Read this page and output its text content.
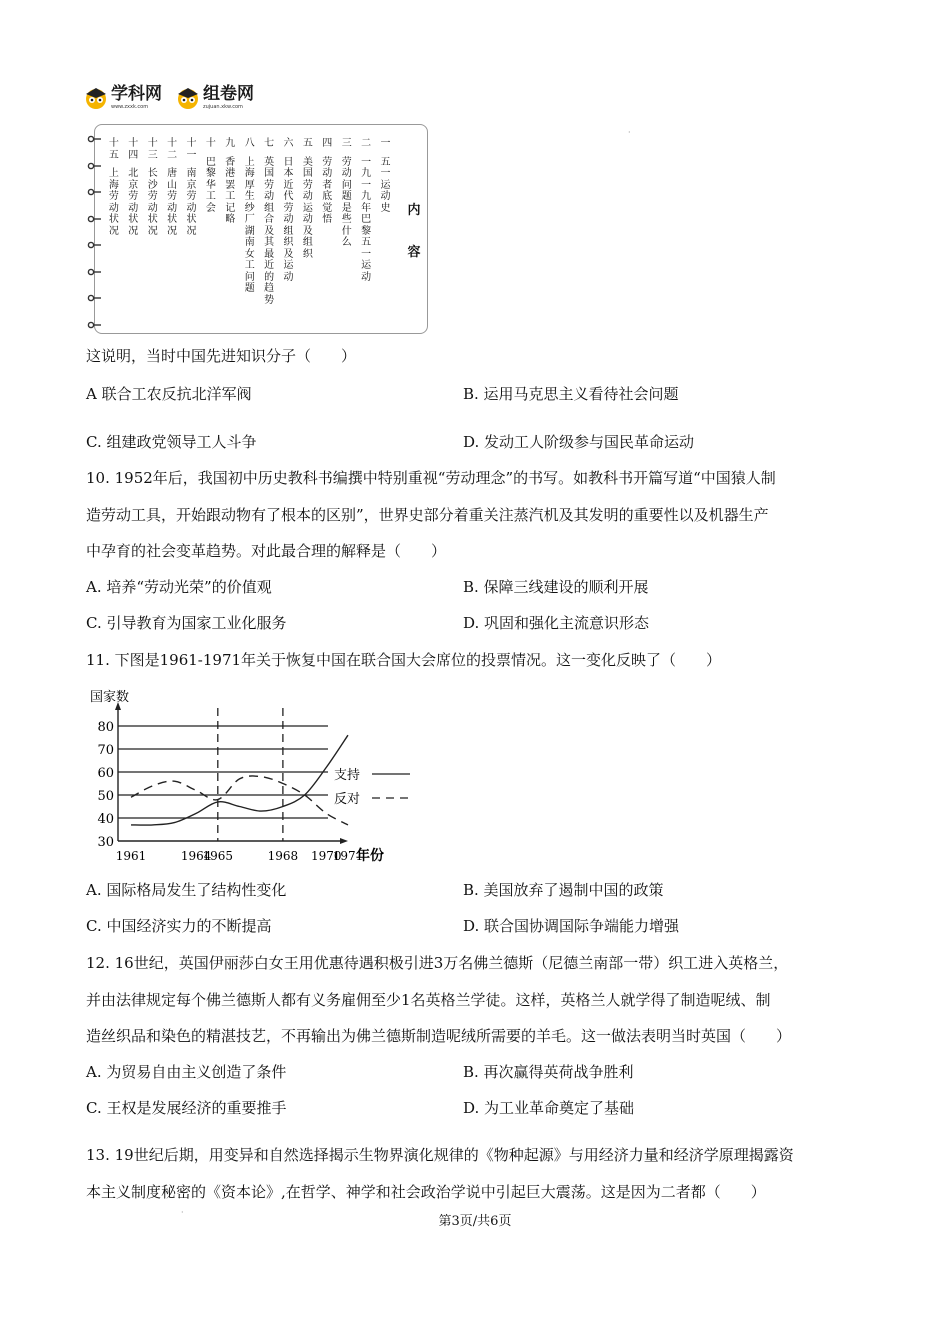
学科网
www.zxxk.com
组卷网
zujuan.xkw.com
·
内容
一
五一运动史
二
一九一九年巴黎五一运动
三
劳动问题是些什么
四
劳动者底觉悟
五
美国劳动运动及组织
六
日本近代劳动组织及运动
七
英国劳动组合及其最近的趋势
八
上海厚生纱厂湖南女工问题
九
香港罢工记略
十
巴黎华工会
十一
南京劳动状况
十二
唐山劳动状况
十三
长沙劳动状况
十四
北京劳动状况
十五
上海劳动状况
这说明，当时中国先进知识分子（　　）
A 联合工农反抗北洋军阀	B. 运用马克思主义看待社会问题
C. 组建政党领导工人斗争	D. 发动工人阶级参与国民革命运动
10. 1952年后，我国初中历史教科书编撰中特别重视“劳动理念”的书写。如教科书开篇写道“中国猿人制
造劳动工具，开始跟动物有了根本的区别”，世界史部分着重关注蒸汽机及其发明的重要性以及机器生产
中孕育的社会变革趋势。对此最合理的解释是（　　）
A. 培养“劳动光荣”的价值观	B. 保障三线建设的顺利开展
C. 引导教育为国家工业化服务	D. 巩固和强化主流意识形态
11. 下图是1961-1971年关于恢复中国在联合国大会席位的投票情况。这一变化反映了（　　）
30
40
50
60
70
80
1961	1964
1965	1968 1970
1971
国家数
年份
支持
反对
A. 国际格局发生了结构性变化	B. 美国放弃了遏制中国的政策
C. 中国经济实力的不断提高	D. 联合国协调国际争端能力增强
12. 16世纪，英国伊丽莎白女王用优惠待遇积极引进3万名佛兰德斯（尼德兰南部一带）织工进入英格兰，
并由法律规定每个佛兰德斯人都有义务雇佣至少1名英格兰学徒。这样，英格兰人就学得了制造呢绒、制
造丝织品和染色的精湛技艺，不再输出为佛兰德斯制造呢绒所需要的羊毛。这一做法表明当时英国（　　）
A. 为贸易自由主义创造了条件	B. 再次赢得英荷战争胜利
C. 王权是发展经济的重要推手	D. 为工业革命奠定了基础
13. 19世纪后期，用变异和自然选择揭示生物界演化规律的《物种起源》与用经济力量和经济学原理揭露资
本主义制度秘密的《资本论》,在哲学、神学和社会政治学说中引起巨大震荡。这是因为二者都（　　）
·
第3页/共6页
